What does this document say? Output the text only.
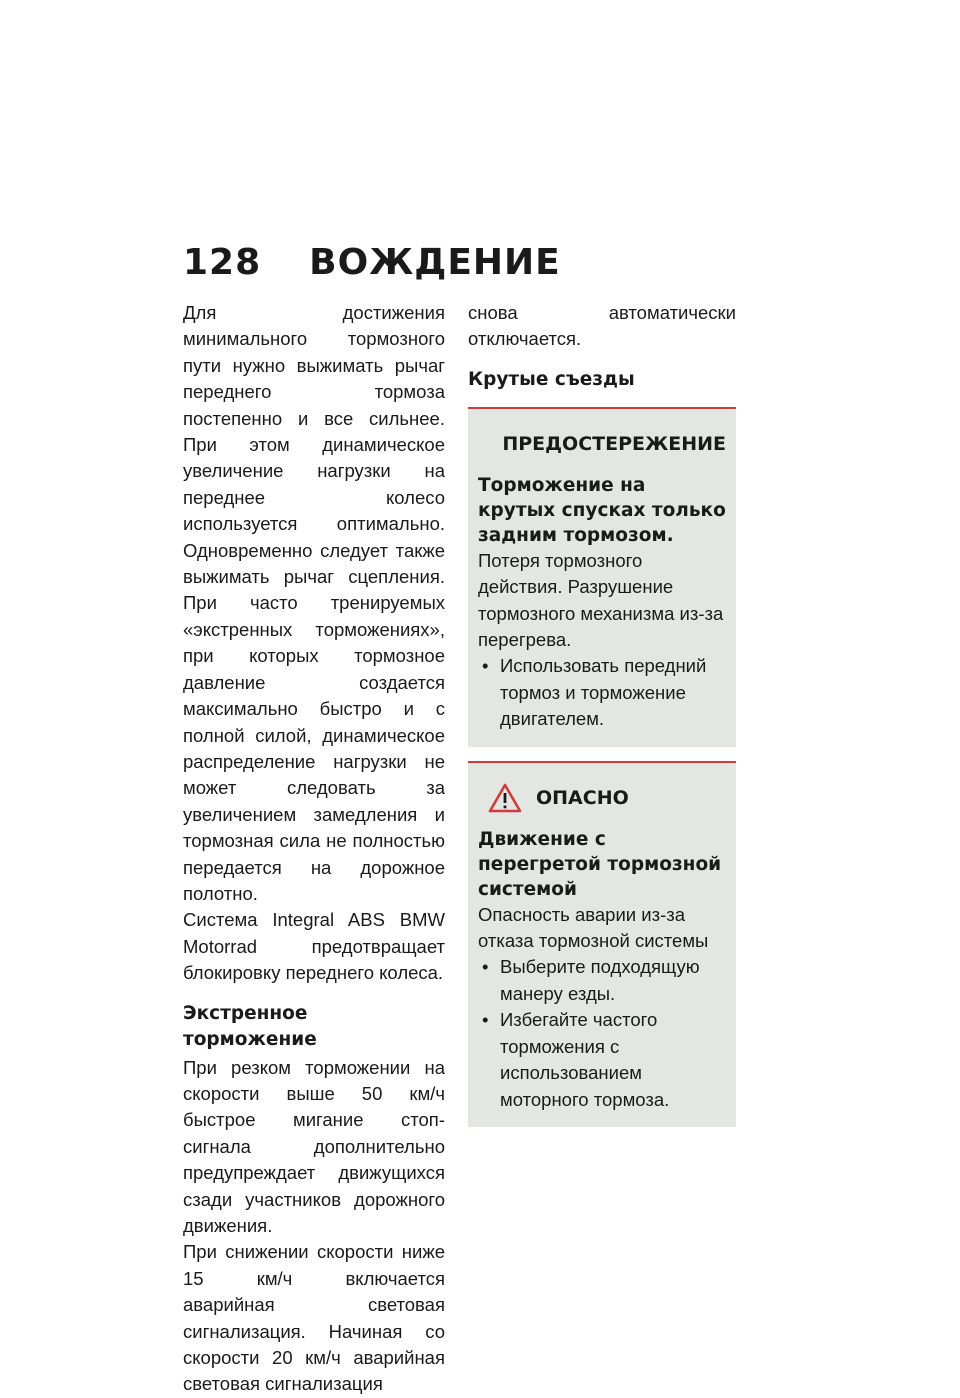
128 ВОЖДЕНИЕ

Для достижения минимального тормозного пути нужно выжимать рычаг переднего тормоза постепенно и все сильнее. При этом динамическое увеличение нагрузки на переднее колесо используется оптимально. Одновременно следует также выжимать рычаг сцепления. При часто тренируемых «экстренных торможениях», при которых тормозное давление создается максимально быстро и с полной силой, динамическое распределение нагрузки не может следовать за увеличением замедления и тормозная сила не полностью передается на дорожное полотно.

Система Integral ABS BMW Motorrad предотвращает блокировку переднего колеса.

Экстренное торможение

При резком торможении на скорости выше 50 км/ч быстрое мигание стоп-сигнала дополнительно предупреждает движущихся сзади участников дорожного движения.

При снижении скорости ниже 15 км/ч включается аварийная световая сигнализация. Начиная со скорости 20 км/ч аварийная световая сигнализация

снова автоматически отключается.

Крутые съезды
ПРЕДОСТЕРЕЖЕНИЕ
Торможение на крутых спусках только задним тормозом.

Потеря тормозного действия. Разрушение тормозного механизма из-за перегрева.

• Использовать передний тормоз и торможение двигателем.
ОПАСНО
Движение с перегретой тормозной системой

Опасность аварии из-за отказа тормозной системы

• Выберите подходящую манеру езды.
• Избегайте частого торможения с использованием моторного тормоза.
